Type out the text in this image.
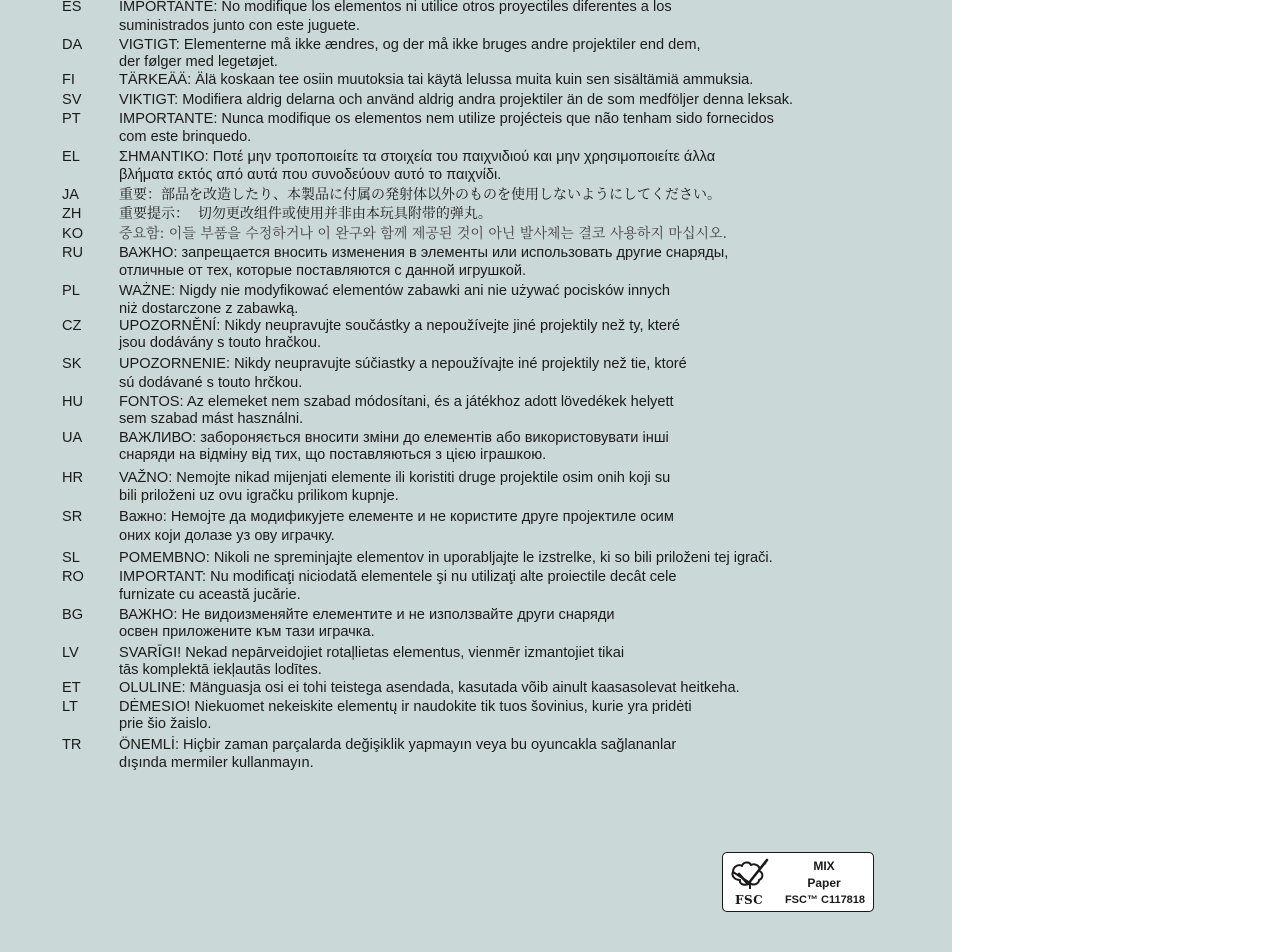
ES	IMPORTANTE: No modifique los elementos ni utilice otros proyectiles diferentes a los
suministrados junto con este juguete.
DA	VIGTIGT: Elementerne må ikke ændres, og der må ikke bruges andre projektiler end dem,
der følger med legetøjet.
FI	TÄRKEÄÄ: Älä koskaan tee osiin muutoksia tai käytä lelussa muita kuin sen sisältämiä ammuksia.
SV	VIKTIGT: Modifiera aldrig delarna och använd aldrig andra projektiler än de som medföljer denna leksak.
PT	IMPORTANTE: Nunca modifique os elementos nem utilize projécteis que não tenham sido fornecidos
com este brinquedo.
EL	ΣΗΜΑΝΤΙΚΟ: Ποτέ μην τροποποιείτε τα στοιχεία του παιχνιδιού και μην χρησιμοποιείτε άλλα
βλήματα εκτός από αυτά που συνοδεύουν αυτό το παιχνίδι.
JA	重要：部品を改造したり、本製品に付属の発射体以外のものを使用しないようにしてください。
ZH	重要提示：  切勿更改组件或使用并非由本玩具附带的弹丸。
KO	중요함: 이들 부품을 수정하거나 이 완구와 함께 제공된 것이 아닌 발사체는 결코 사용하지 마십시오.
RU	ВАЖНО: запрещается вносить изменения в элементы или использовать другие снаряды,
отличные от тех, которые поставляются с данной игрушкой.
PL	WAŻNE: Nigdy nie modyfikować elementów zabawki ani nie używać pocisków innych
niż dostarczone z zabawką.
CZ	UPOZORNĚNÍ: Nikdy neupravujte součástky a nepoužívejte jiné projektily než ty, které
jsou dodávány s touto hračkou.
SK	UPOZORNENIE: Nikdy neupravujte súčiastky a nepoužívajte iné projektily než tie, ktoré
sú dodávané s touto hrčkou.
HU	FONTOS: Az elemeket nem szabad módosítani, és a játékhoz adott lövedékek helyett
sem szabad mást használni.
UA	ВАЖЛИВО: забороняється вносити зміни до елементів або використовувати інші
снаряди на відміну від тих, що поставляються з цією іграшкою.
HR	VAŽNO: Nemojte nikad mijenjati elemente ili koristiti druge projektile osim onih koji su
bili priloženi uz ovu igračku prilikom kupnje.
SR	Важно: Немојте да модификујете елементе и не користите друге пројектиле осим
оних који долазе уз ову играчку.
SL	POMEMBNO: Nikoli ne spreminjajte elementov in uporabljajte le izstrelke, ki so bili priloženi tej igrači.
RO	IMPORTANT: Nu modificaţi niciodată elementele şi nu utilizaţi alte proiectile decât cele
furnizate cu această jucărie.
BG	ВАЖНО: Не видоизменяйте елементите и не използвайте други снаряди
освен приложените към тази играчка.
LV	SVARĪGI! Nekad nepārveidojiet rotaļlietas elementus, vienmēr izmantojiet tikai
tās komplektā iekļautās lodītes.
ET	OLULINE: Mänguasja osi ei tohi teistega asendada, kasutada võib ainult kaasasolevat heitkeha.
LT	DĖMESIO! Niekuomet nekeiskite elementų ir naudokite tik tuos šovinius, kurie yra pridėti
prie šio žaislo.
TR	ÖNEMLİ: Hiçbir zaman parçalarda değişiklik yapmayın veya bu oyuncakla sağlananlar
dışında mermiler kullanmayın.
®
FSC
MIX
Paper
FSC™ C117818
